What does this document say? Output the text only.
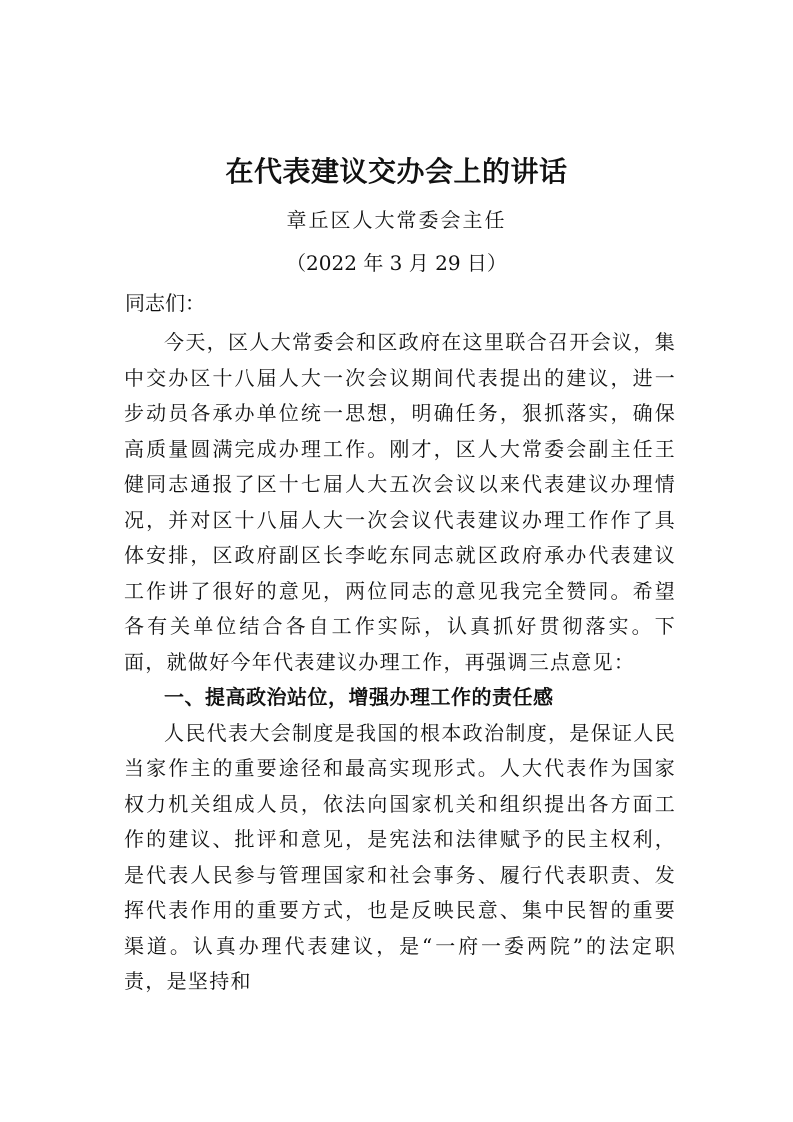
在代表建议交办会上的讲话
章丘区人大常委会主任
（2022 年 3 月 29 日）
同志们：

今天，区人大常委会和区政府在这里联合召开会议，集中交办区十八届人大一次会议期间代表提出的建议，进一步动员各承办单位统一思想，明确任务，狠抓落实，确保高质量圆满完成办理工作。刚才，区人大常委会副主任王健同志通报了区十七届人大五次会议以来代表建议办理情况，并对区十八届人大一次会议代表建议办理工作作了具体安排，区政府副区长李屹东同志就区政府承办代表建议工作讲了很好的意见，两位同志的意见我完全赞同。希望各有关单位结合各自工作实际，认真抓好贯彻落实。下面，就做好今年代表建议办理工作，再强调三点意见：

一、提高政治站位，增强办理工作的责任感

人民代表大会制度是我国的根本政治制度，是保证人民当家作主的重要途径和最高实现形式。人大代表作为国家权力机关组成人员，依法向国家机关和组织提出各方面工作的建议、批评和意见，是宪法和法律赋予的民主权利，是代表人民参与管理国家和社会事务、履行代表职责、发挥代表作用的重要方式，也是反映民意、集中民智的重要渠道。认真办理代表建议，是“一府一委两院”的法定职责，是坚持和
